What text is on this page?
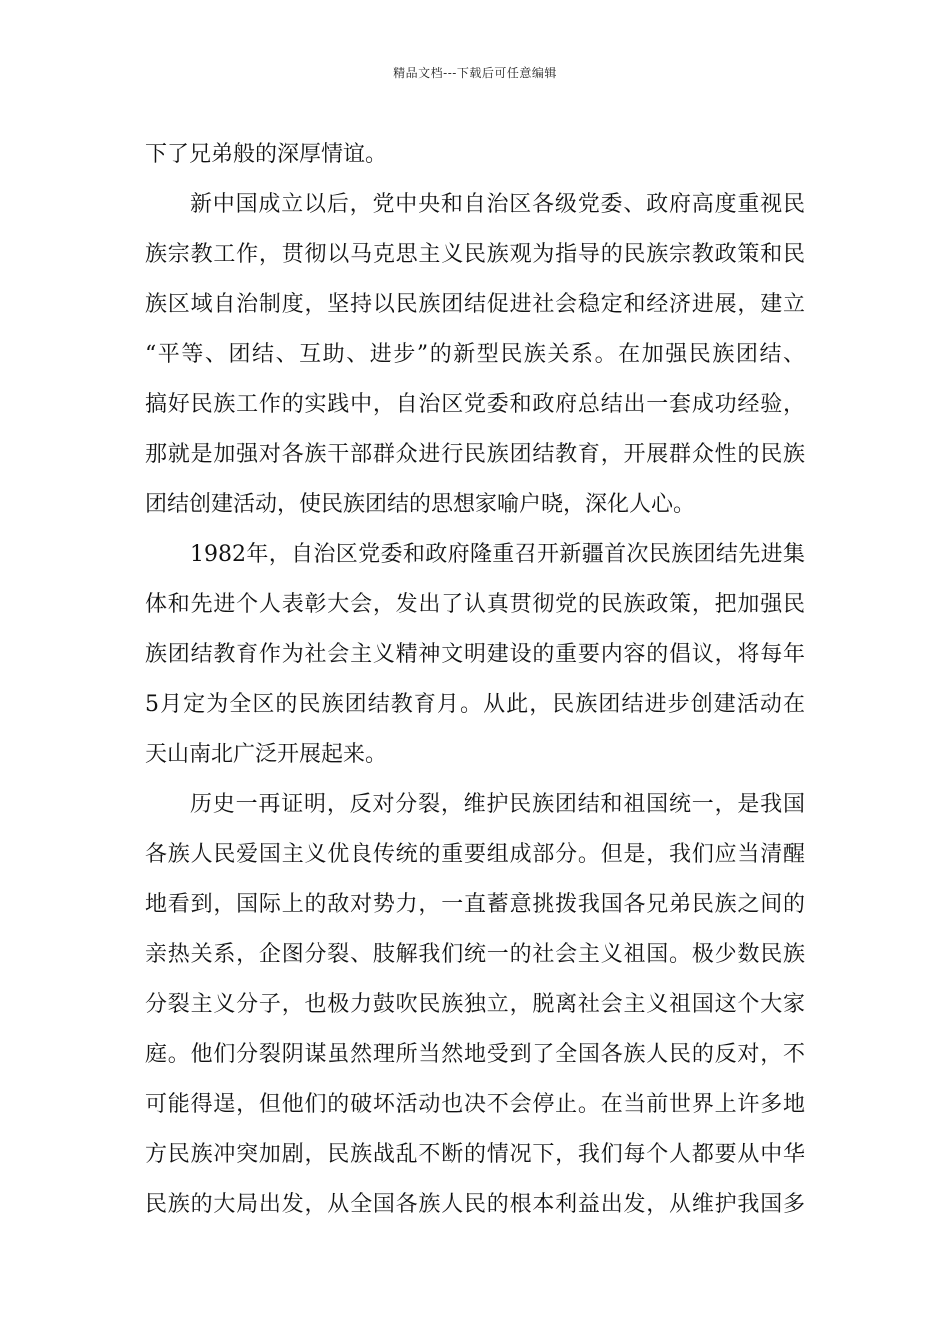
精品文档---下载后可任意编辑
下了兄弟般的深厚情谊。
新中国成立以后，党中央和自治区各级党委、政府高度重视民
族宗教工作，贯彻以马克思主义民族观为指导的民族宗教政策和民
族区域自治制度，坚持以民族团结促进社会稳定和经济进展，建立
“平等、团结、互助、进步”的新型民族关系。在加强民族团结、
搞好民族工作的实践中，自治区党委和政府总结出一套成功经验，
那就是加强对各族干部群众进行民族团结教育，开展群众性的民族
团结创建活动，使民族团结的思想家喻户晓，深化人心。
1982年，自治区党委和政府隆重召开新疆首次民族团结先进集
体和先进个人表彰大会，发出了认真贯彻党的民族政策，把加强民
族团结教育作为社会主义精神文明建设的重要内容的倡议，将每年
5月定为全区的民族团结教育月。从此，民族团结进步创建活动在
天山南北广泛开展起来。
历史一再证明，反对分裂，维护民族团结和祖国统一，是我国
各族人民爱国主义优良传统的重要组成部分。但是，我们应当清醒
地看到，国际上的敌对势力，一直蓄意挑拨我国各兄弟民族之间的
亲热关系，企图分裂、肢解我们统一的社会主义祖国。极少数民族
分裂主义分子，也极力鼓吹民族独立，脱离社会主义祖国这个大家
庭。他们分裂阴谋虽然理所当然地受到了全国各族人民的反对，不
可能得逞，但他们的破坏活动也决不会停止。在当前世界上许多地
方民族冲突加剧，民族战乱不断的情况下，我们每个人都要从中华
民族的大局出发，从全国各族人民的根本利益出发，从维护我国多
